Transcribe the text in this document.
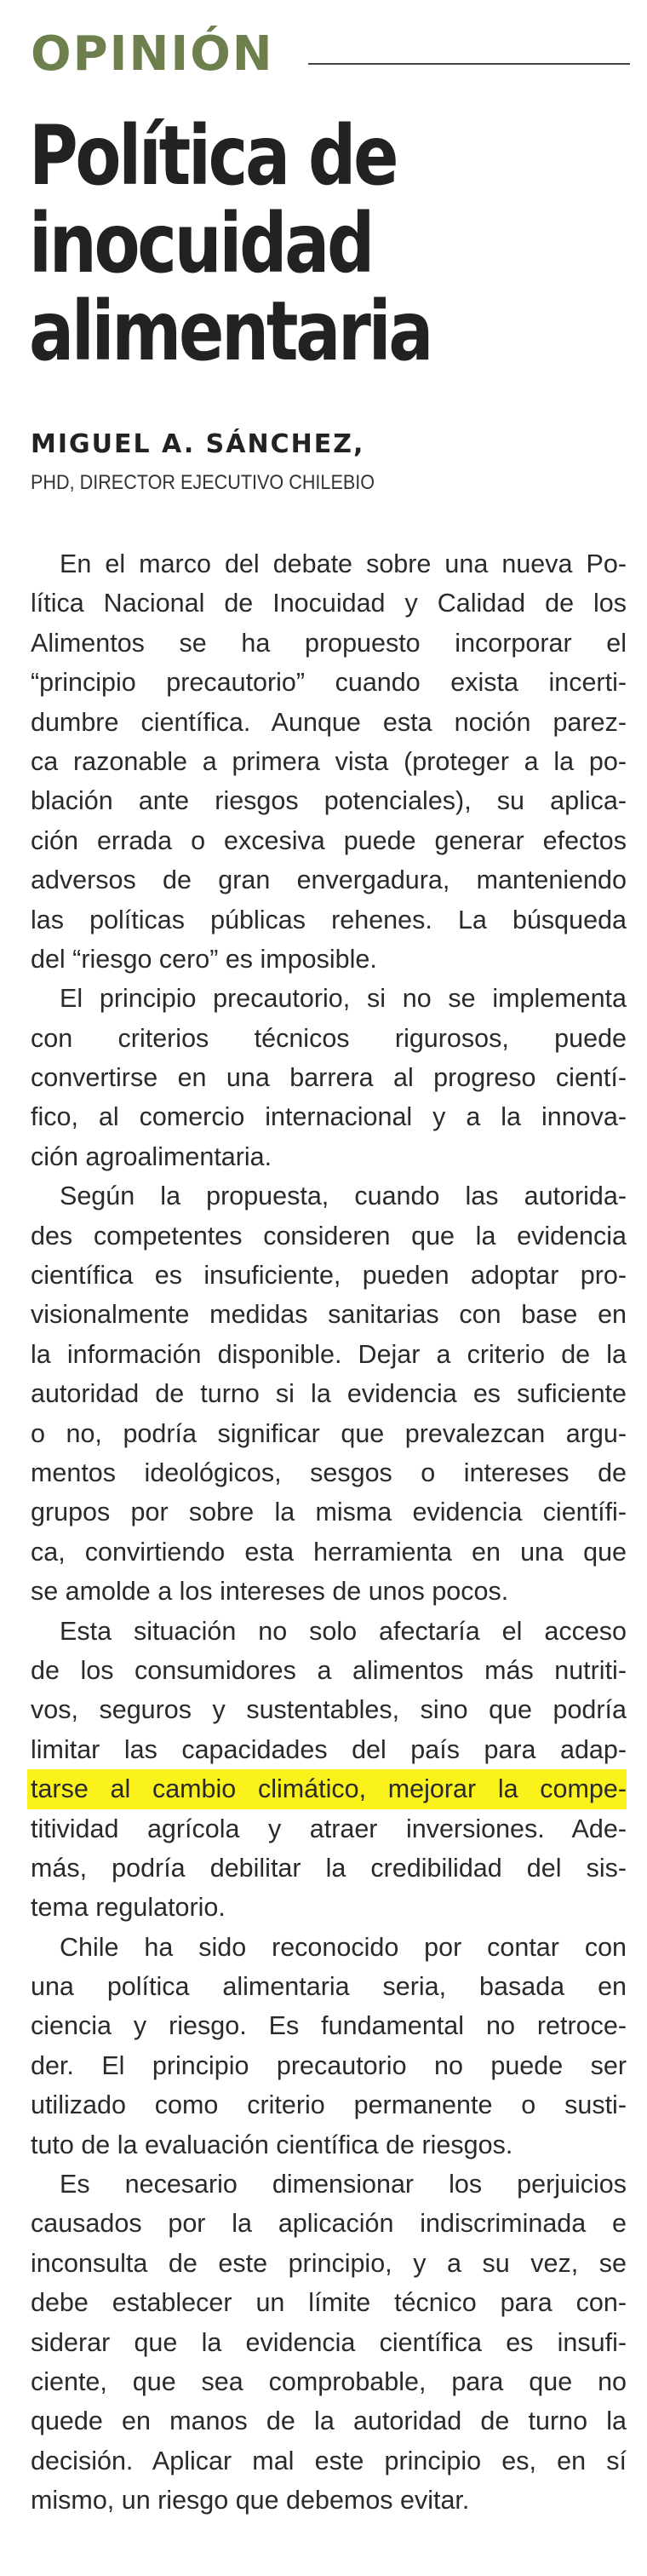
OPINIÓN
Política de
inocuidad
alimentaria
MIGUEL A. SÁNCHEZ,
PHD, DIRECTOR EJECUTIVO CHILEBIO
En el marco del debate sobre una nueva Po-
lítica Nacional de Inocuidad y Calidad de los
Alimentos se ha propuesto incorporar el
“principio precautorio” cuando exista incerti-
dumbre científica. Aunque esta noción parez-
ca razonable a primera vista (proteger a la po-
blación ante riesgos potenciales), su aplica-
ción errada o excesiva puede generar efectos
adversos de gran envergadura, manteniendo
las políticas públicas rehenes. La búsqueda
del “riesgo cero” es imposible.
El principio precautorio, si no se implementa
con criterios técnicos rigurosos, puede
convertirse en una barrera al progreso cientí-
fico, al comercio internacional y a la innova-
ción agroalimentaria.
Según la propuesta, cuando las autorida-
des competentes consideren que la evidencia
científica es insuficiente, pueden adoptar pro-
visionalmente medidas sanitarias con base en
la información disponible. Dejar a criterio de la
autoridad de turno si la evidencia es suficiente
o no, podría significar que prevalezcan argu-
mentos ideológicos, sesgos o intereses de
grupos por sobre la misma evidencia científi-
ca, convirtiendo esta herramienta en una que
se amolde a los intereses de unos pocos.
Esta situación no solo afectaría el acceso
de los consumidores a alimentos más nutriti-
vos, seguros y sustentables, sino que podría
limitar las capacidades del país para adap-
tarse al cambio climático, mejorar la compe-
titividad agrícola y atraer inversiones. Ade-
más, podría debilitar la credibilidad del sis-
tema regulatorio.
Chile ha sido reconocido por contar con
una política alimentaria seria, basada en
ciencia y riesgo. Es fundamental no retroce-
der. El principio precautorio no puede ser
utilizado como criterio permanente o susti-
tuto de la evaluación científica de riesgos.
Es necesario dimensionar los perjuicios
causados por la aplicación indiscriminada e
inconsulta de este principio, y a su vez, se
debe establecer un límite técnico para con-
siderar que la evidencia científica es insufi-
ciente, que sea comprobable, para que no
quede en manos de la autoridad de turno la
decisión. Aplicar mal este principio es, en sí
mismo, un riesgo que debemos evitar.
